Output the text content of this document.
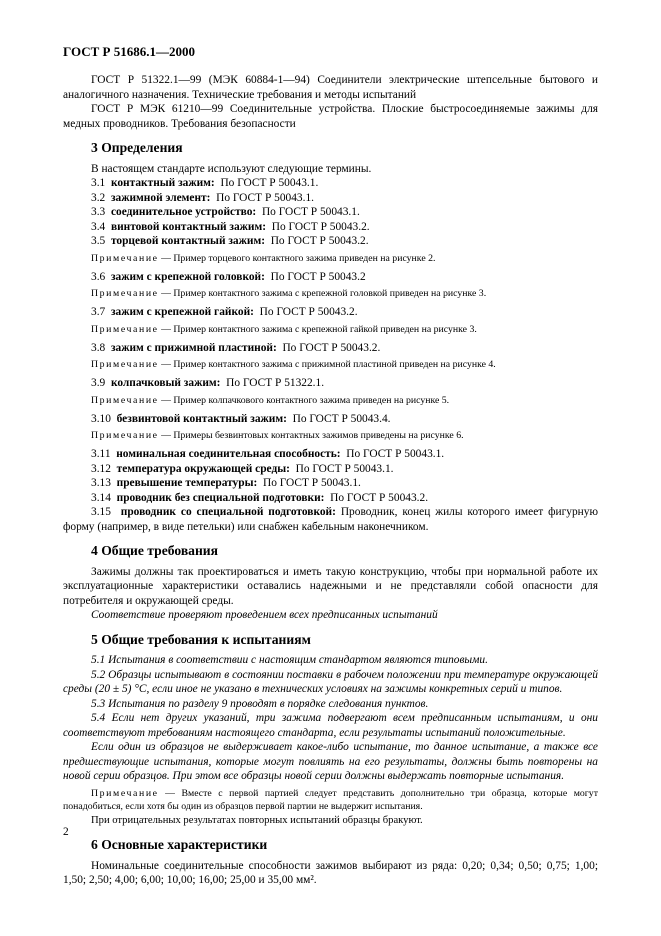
ГОСТ Р 51686.1—2000

ГОСТ Р 51322.1—99 (МЭК 60884-1—94) Соединители электрические штепсельные бытового и аналогичного назначения. Технические требования и методы испытаний

ГОСТ Р МЭК 61210—99 Соединительные устройства. Плоские быстросоединяемые зажимы для медных проводников. Требования безопасности

3 Определения

В настоящем стандарте используют следующие термины.

3.1 контактный зажим: По ГОСТ Р 50043.1.
3.2 зажимной элемент: По ГОСТ Р 50043.1.
3.3 соединительное устройство: По ГОСТ Р 50043.1.
3.4 винтовой контактный зажим: По ГОСТ Р 50043.2.
3.5 торцевой контактный зажим: По ГОСТ Р 50043.2.
Примечание — Пример торцевого контактного зажима приведен на рисунке 2.
3.6 зажим с крепежной головкой: По ГОСТ Р 50043.2
Примечание — Пример контактного зажима с крепежной головкой приведен на рисунке 3.
3.7 зажим с крепежной гайкой: По ГОСТ Р 50043.2.
Примечание — Пример контактного зажима с крепежной гайкой приведен на рисунке 3.
3.8 зажим с прижимной пластиной: По ГОСТ Р 50043.2.
Примечание — Пример контактного зажима с прижимной пластиной приведен на рисунке 4.
3.9 колпачковый зажим: По ГОСТ Р 51322.1.
Примечание — Пример колпачкового контактного зажима приведен на рисунке 5.
3.10 безвинтовой контактный зажим: По ГОСТ Р 50043.4.
Примечание — Примеры безвинтовых контактных зажимов приведены на рисунке 6.
3.11 номинальная соединительная способность: По ГОСТ Р 50043.1.
3.12 температура окружающей среды: По ГОСТ Р 50043.1.
3.13 превышение температуры: По ГОСТ Р 50043.1.
3.14 проводник без специальной подготовки: По ГОСТ Р 50043.2.

3.15 проводник со специальной подготовкой: Проводник, конец жилы которого имеет фигурную форму (например, в виде петельки) или снабжен кабельным наконечником.

4 Общие требования

Зажимы должны так проектироваться и иметь такую конструкцию, чтобы при нормальной работе их эксплуатационные характеристики оставались надежными и не представляли собой опасности для потребителя и окружающей среды.

Соответствие проверяют проведением всех предписанных испытаний

5 Общие требования к испытаниям

5.1 Испытания в соответствии с настоящим стандартом являются типовыми.

5.2 Образцы испытывают в состоянии поставки в рабочем положении при температуре окружающей среды (20 ± 5) °C, если иное не указано в технических условиях на зажимы конкретных серий и типов.

5.3 Испытания по разделу 9 проводят в порядке следования пунктов.

5.4 Если нет других указаний, три зажима подвергают всем предписанным испытаниям, и они соответствуют требованиям настоящего стандарта, если результаты испытаний положительные.

Если один из образцов не выдерживает какое-либо испытание, то данное испытание, а также все предшествующие испытания, которые могут повлиять на его результаты, должны быть повторены на новой серии образцов. При этом все образцы новой серии должны выдержать повторные испытания.

Примечание — Вместе с первой партией следует представить дополнительно три образца, которые могут понадобиться, если хотя бы один из образцов первой партии не выдержит испытания.

При отрицательных результатах повторных испытаний образцы бракуют.

6 Основные характеристики

Номинальные соединительные способности зажимов выбирают из ряда: 0,20; 0,34; 0,50; 0,75; 1,00; 1,50; 2,50; 4,00; 6,00; 10,00; 16,00; 25,00 и 35,00 мм².

2
